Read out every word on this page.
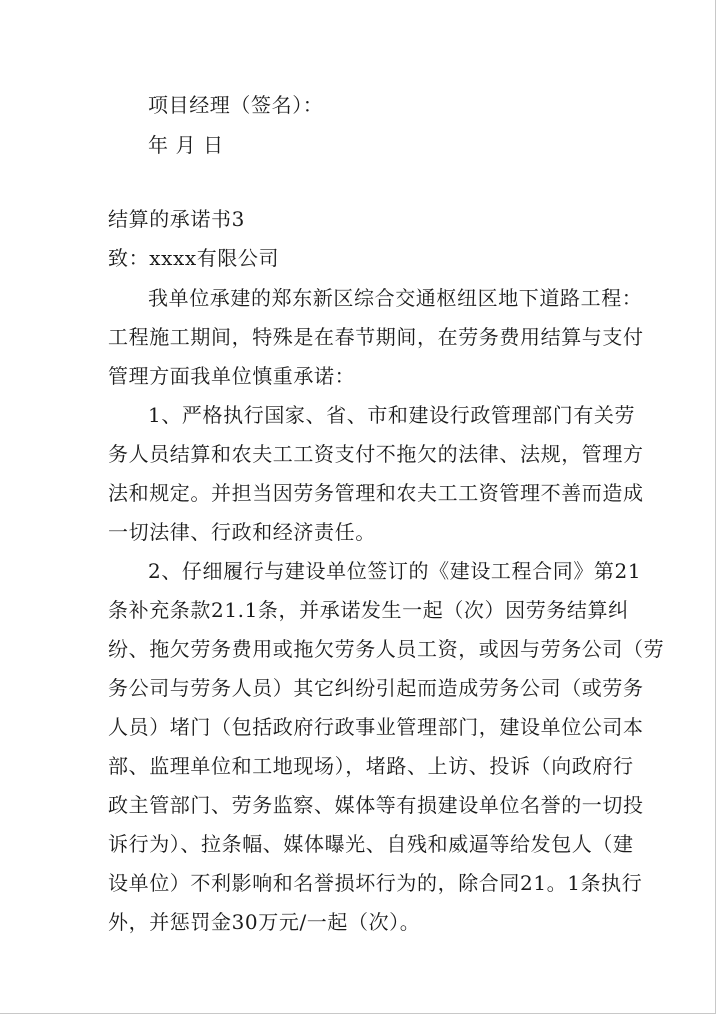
项目经理（签名）：
年 月 日
结算的承诺书3
致：xxxx有限公司
我单位承建的郑东新区综合交通枢纽区地下道路工程：
工程施工期间，特殊是在春节期间，在劳务费用结算与支付
管理方面我单位慎重承诺：
1、严格执行国家、省、市和建设行政管理部门有关劳
务人员结算和农夫工工资支付不拖欠的法律、法规，管理方
法和规定。并担当因劳务管理和农夫工工资管理不善而造成
一切法律、行政和经济责任。
2、仔细履行与建设单位签订的《建设工程合同》第21
条补充条款21.1条，并承诺发生一起（次）因劳务结算纠
纷、拖欠劳务费用或拖欠劳务人员工资，或因与劳务公司（劳
务公司与劳务人员）其它纠纷引起而造成劳务公司（或劳务
人员）堵门（包括政府行政事业管理部门，建设单位公司本
部、监理单位和工地现场），堵路、上访、投诉（向政府行
政主管部门、劳务监察、媒体等有损建设单位名誉的一切投
诉行为）、拉条幅、媒体曝光、自残和威逼等给发包人（建
设单位）不利影响和名誉损坏行为的，除合同21。1条执行
外，并惩罚金30万元/一起（次）。
